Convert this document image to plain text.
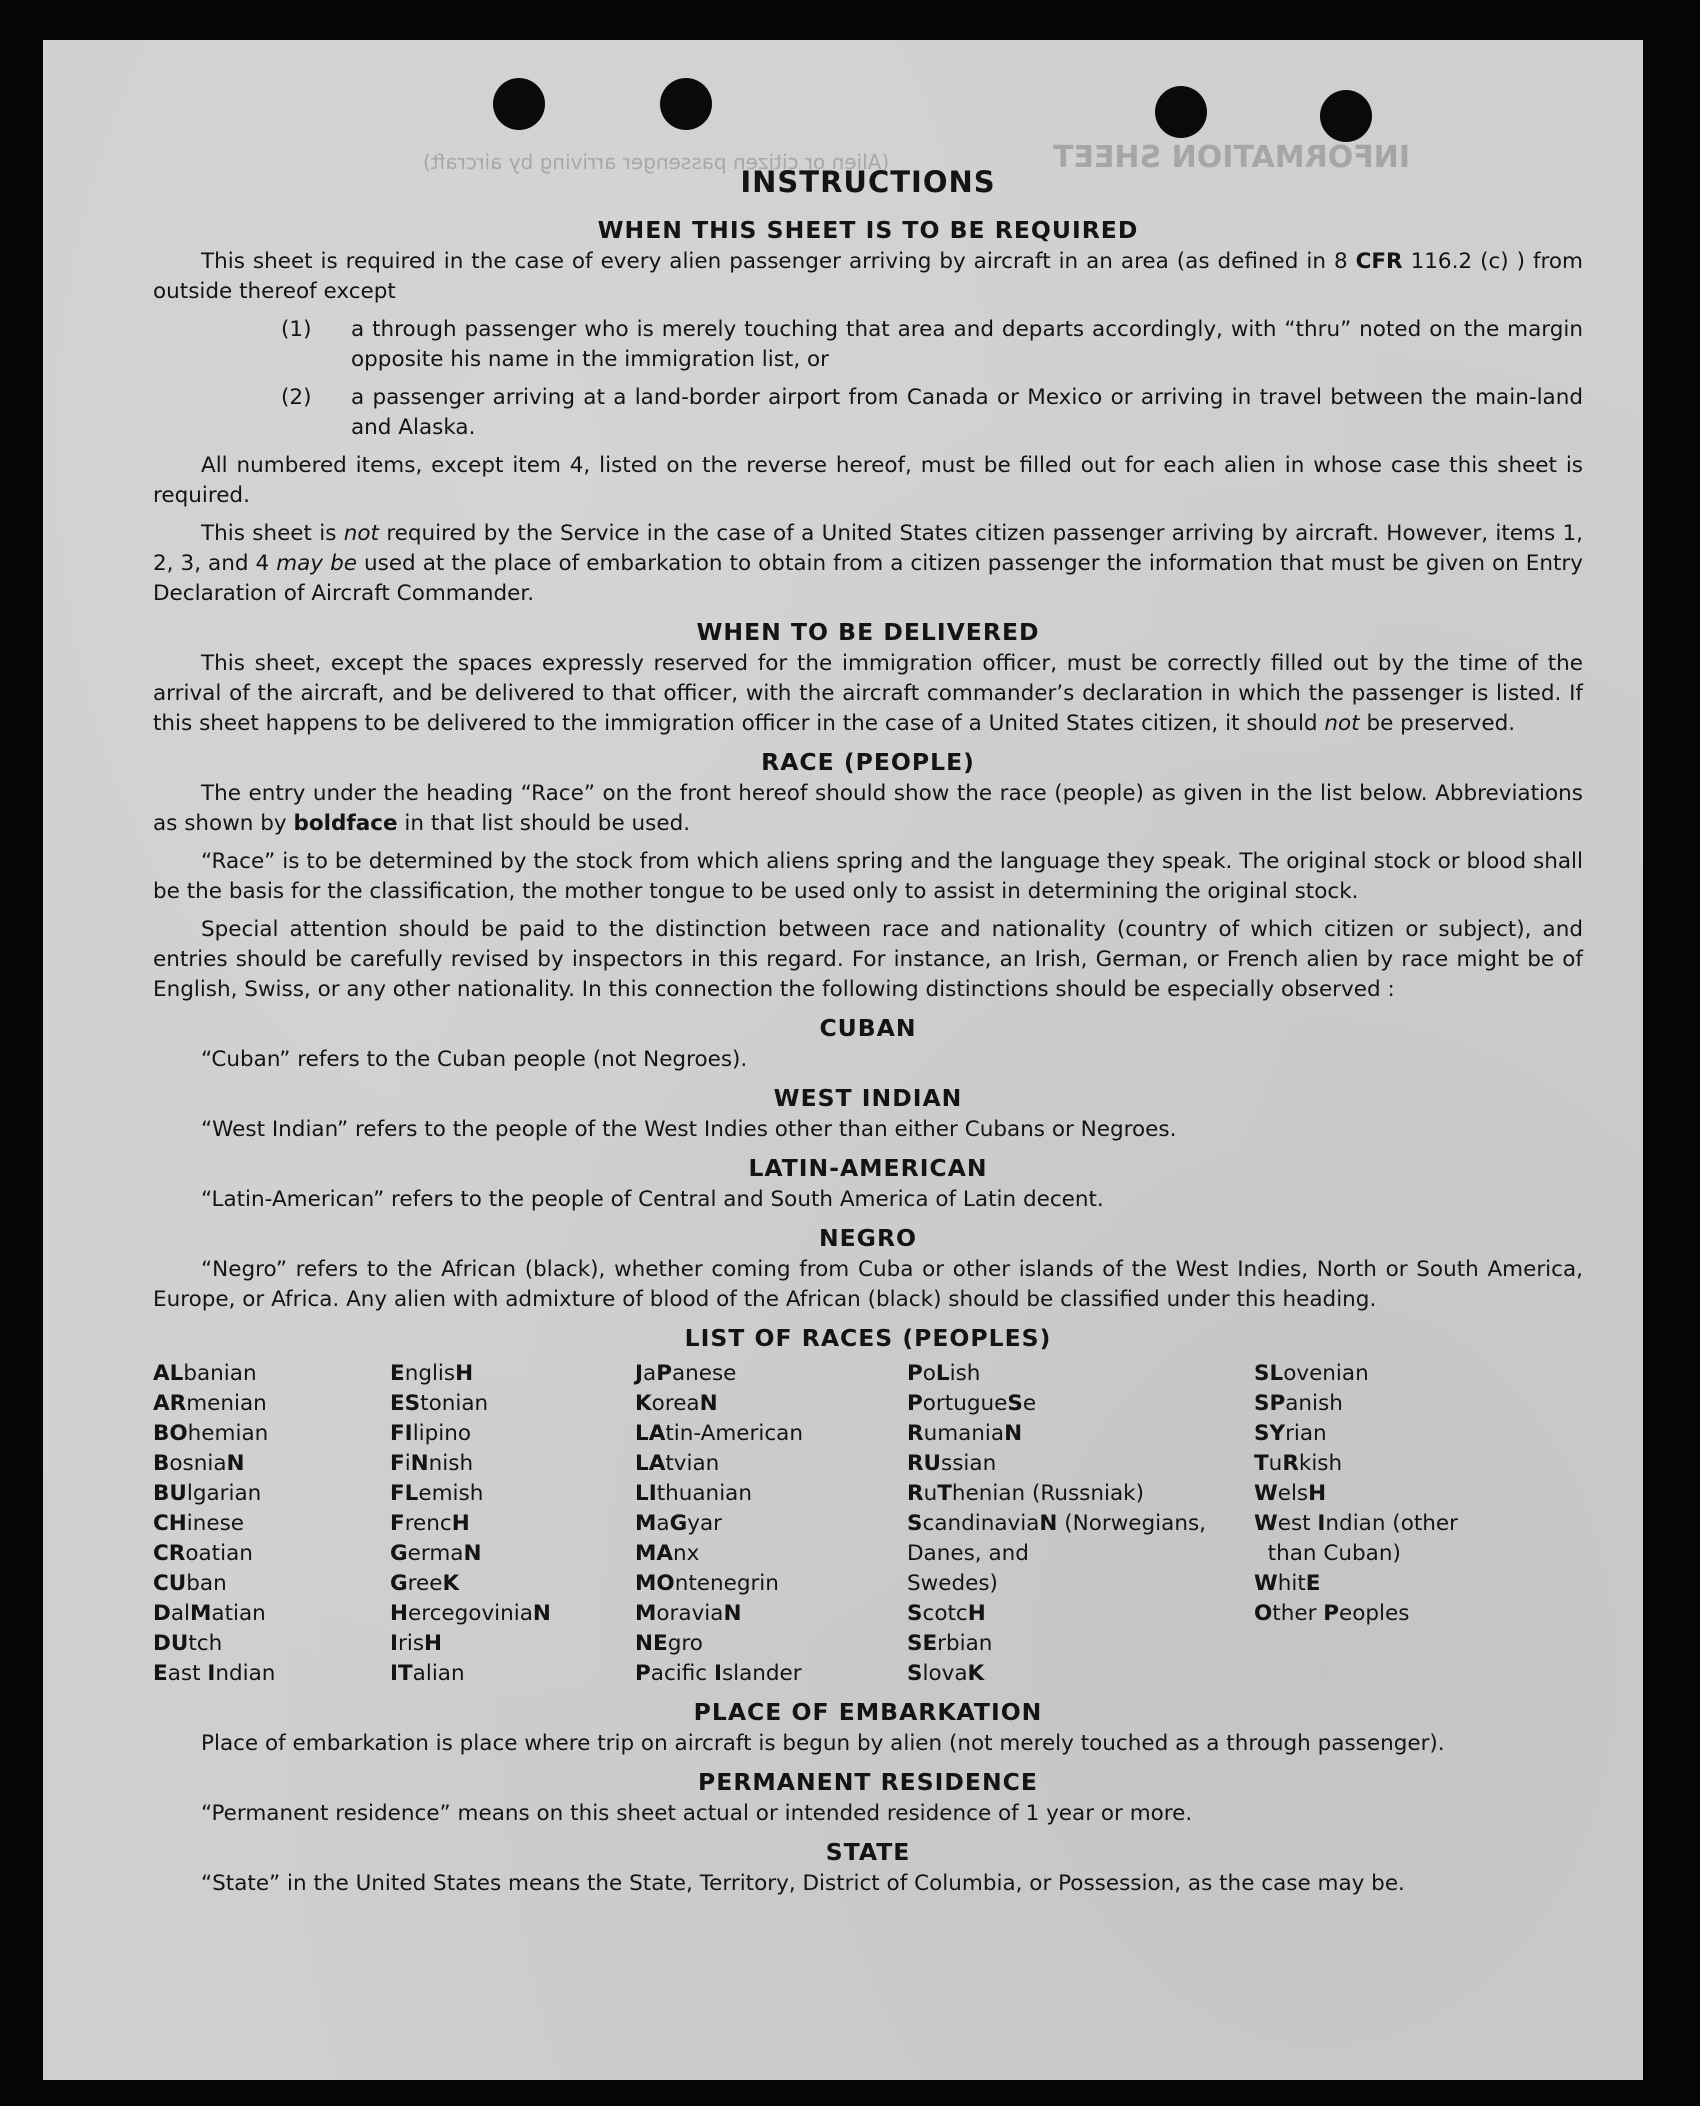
INFORMATION SHEET
(Alien or citizen passenger arriving by aircraft)
INSTRUCTIONS
WHEN THIS SHEET IS TO BE REQUIRED

This sheet is required in the case of every alien passenger arriving by aircraft in an area (as defined in 8 CFR 116.2 (c) ) from outside thereof except

(1)	a through passenger who is merely touching that area and departs accordingly, with “thru” noted on the margin opposite his name in the immigration list, or
(2)	a passenger arriving at a land-border airport from Canada or Mexico or arriving in travel between the main-land and Alaska.

All numbered items, except item 4, listed on the reverse hereof, must be filled out for each alien in whose case this sheet is required.

This sheet is not required by the Service in the case of a United States citizen passenger arriving by aircraft. However, items 1, 2, 3, and 4 may be used at the place of embarkation to obtain from a citizen passenger the information that must be given on Entry Declaration of Aircraft Commander.

WHEN TO BE DELIVERED

This sheet, except the spaces expressly reserved for the immigration officer, must be correctly filled out by the time of the arrival of the aircraft, and be delivered to that officer, with the aircraft commander’s declaration in which the passenger is listed. If this sheet happens to be delivered to the immigration officer in the case of a United States citizen, it should not be preserved.

RACE (PEOPLE)

The entry under the heading “Race” on the front hereof should show the race (people) as given in the list below. Abbreviations as shown by boldface in that list should be used.

“Race” is to be determined by the stock from which aliens spring and the language they speak. The original stock or blood shall be the basis for the classification, the mother tongue to be used only to assist in determining the original stock.

Special attention should be paid to the distinction between race and nationality (country of which citizen or subject), and entries should be carefully revised by inspectors in this regard. For instance, an Irish, German, or French alien by race might be of English, Swiss, or any other nationality. In this connection the following distinctions should be especially observed :

CUBAN

“Cuban” refers to the Cuban people (not Negroes).

WEST INDIAN

“West Indian” refers to the people of the West Indies other than either Cubans or Negroes.

LATIN-AMERICAN

“Latin-American” refers to the people of Central and South America of Latin decent.

NEGRO

“Negro” refers to the African (black), whether coming from Cuba or other islands of the West Indies, North or South America, Europe, or Africa. Any alien with admixture of blood of the African (black) should be classified under this heading.

LIST OF RACES (PEOPLES)
ALbanian
ARmenian
BOhemian
BosniaN
BUlgarian
CHinese
CRoatian
CUban
DalMatian
DUtch
East Indian
EnglisH
EStonian
FIlipino
FiNnish
FLemish
FrencH
GermaN
GreeK
HercegoviniaN
IrisH
ITalian
JaPanese
KoreaN
LAtin-American
LAtvian
LIthuanian
MaGyar
MAnx
MOntenegrin
MoraviaN
NEgro
Pacific Islander
PoLish
PortugueSe
RumaniaN
RUssian
RuThenian (Russniak)
ScandinaviaN (Norwegians,
Danes, and
Swedes)
ScotcH
SErbian
SlovaK
SLovenian
SPanish
SYrian
TuRkish
WelsH
West Indian (other
than Cuban)
WhitE
Other Peoples
PLACE OF EMBARKATION

Place of embarkation is place where trip on aircraft is begun by alien (not merely touched as a through passenger).

PERMANENT RESIDENCE

“Permanent residence” means on this sheet actual or intended residence of 1 year or more.

STATE

“State” in the United States means the State, Territory, District of Columbia, or Possession, as the case may be.
